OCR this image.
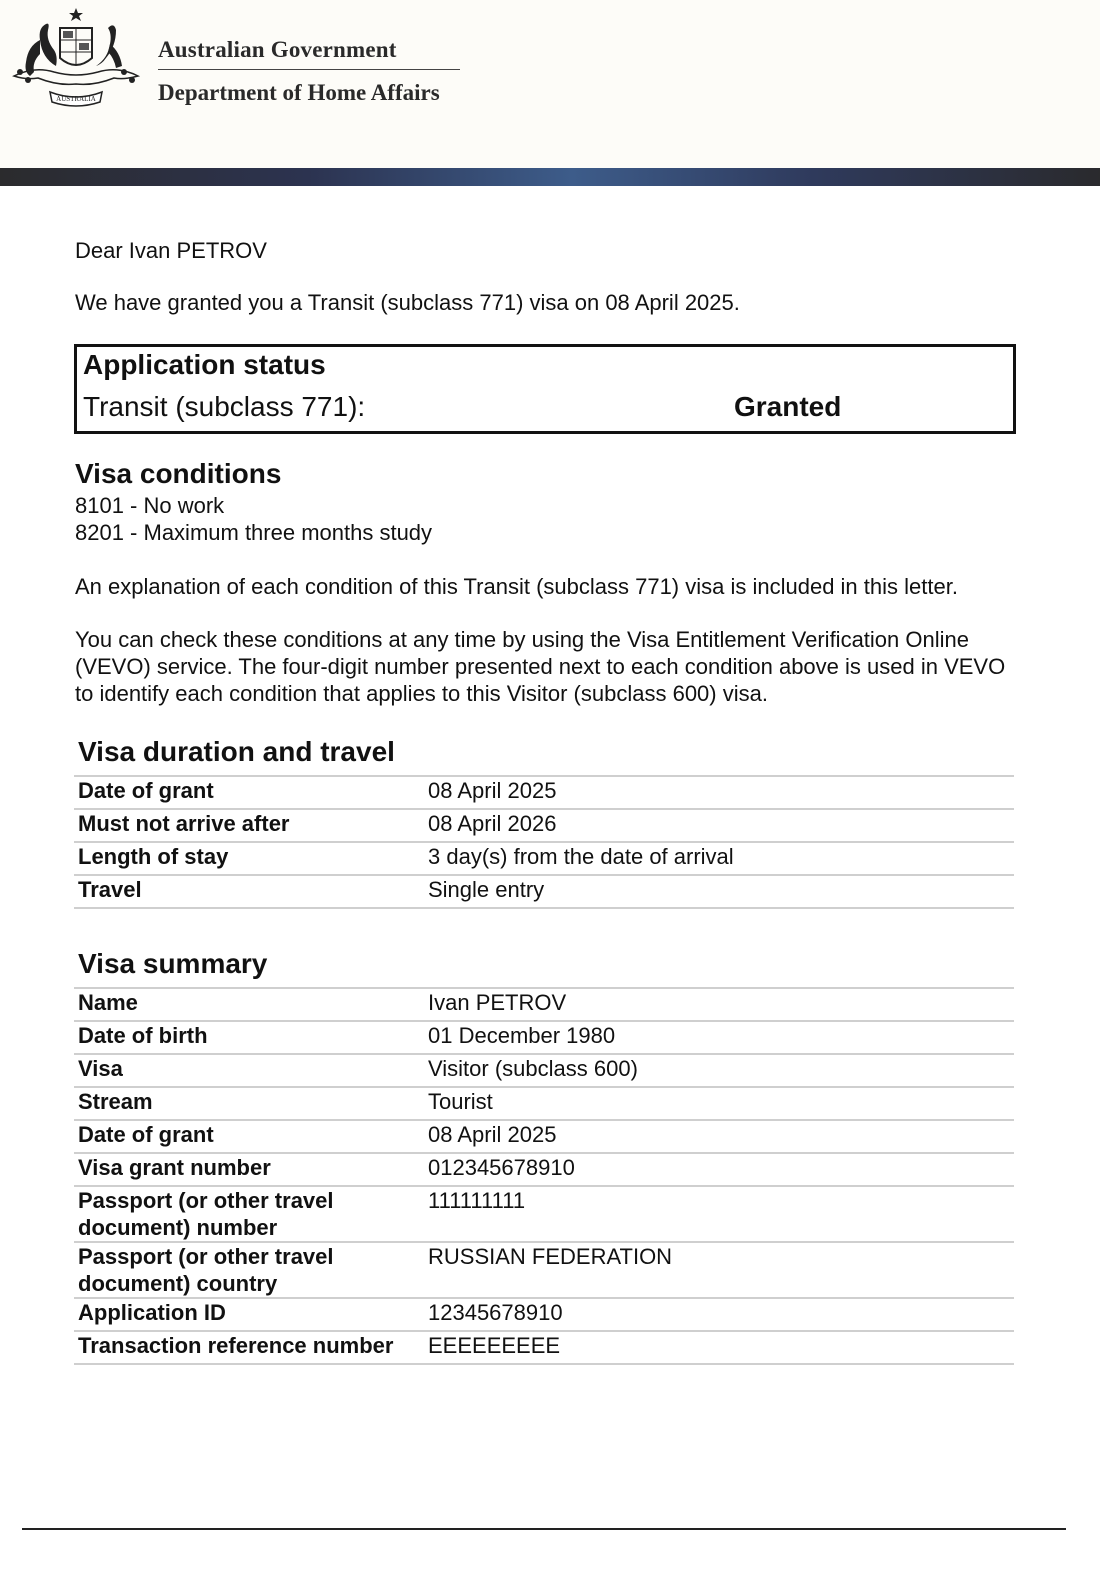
AUSTRALIA
Australian Government
Department of Home Affairs

Dear Ivan PETROV

We have granted you a Transit (subclass 771) visa on 08 April 2025.

Application status
Transit (subclass 771):	Granted
Visa conditions
8101 - No work
8201 - Maximum three months study

An explanation of each condition of this Transit (subclass 771) visa is included in this letter.

You can check these conditions at any time by using the Visa Entitlement Verification Online (VEVO) service. The four-digit number presented next to each condition above is used in VEVO to identify each condition that applies to this Visitor (subclass 600) visa.

Visa duration and travel
Date of grant	08 April 2025
Must not arrive after	08 April 2026
Length of stay	3 day(s) from the date of arrival
Travel	Single entry
Visa summary
Name	Ivan PETROV
Date of birth	01 December 1980
Visa	Visitor (subclass 600)
Stream	Tourist
Date of grant	08 April 2025
Visa grant number	012345678910
Passport (or other travel document) number	111111111
Passport (or other travel document) country	RUSSIAN FEDERATION
Application ID	12345678910
Transaction reference number	EEEEEEEEE
